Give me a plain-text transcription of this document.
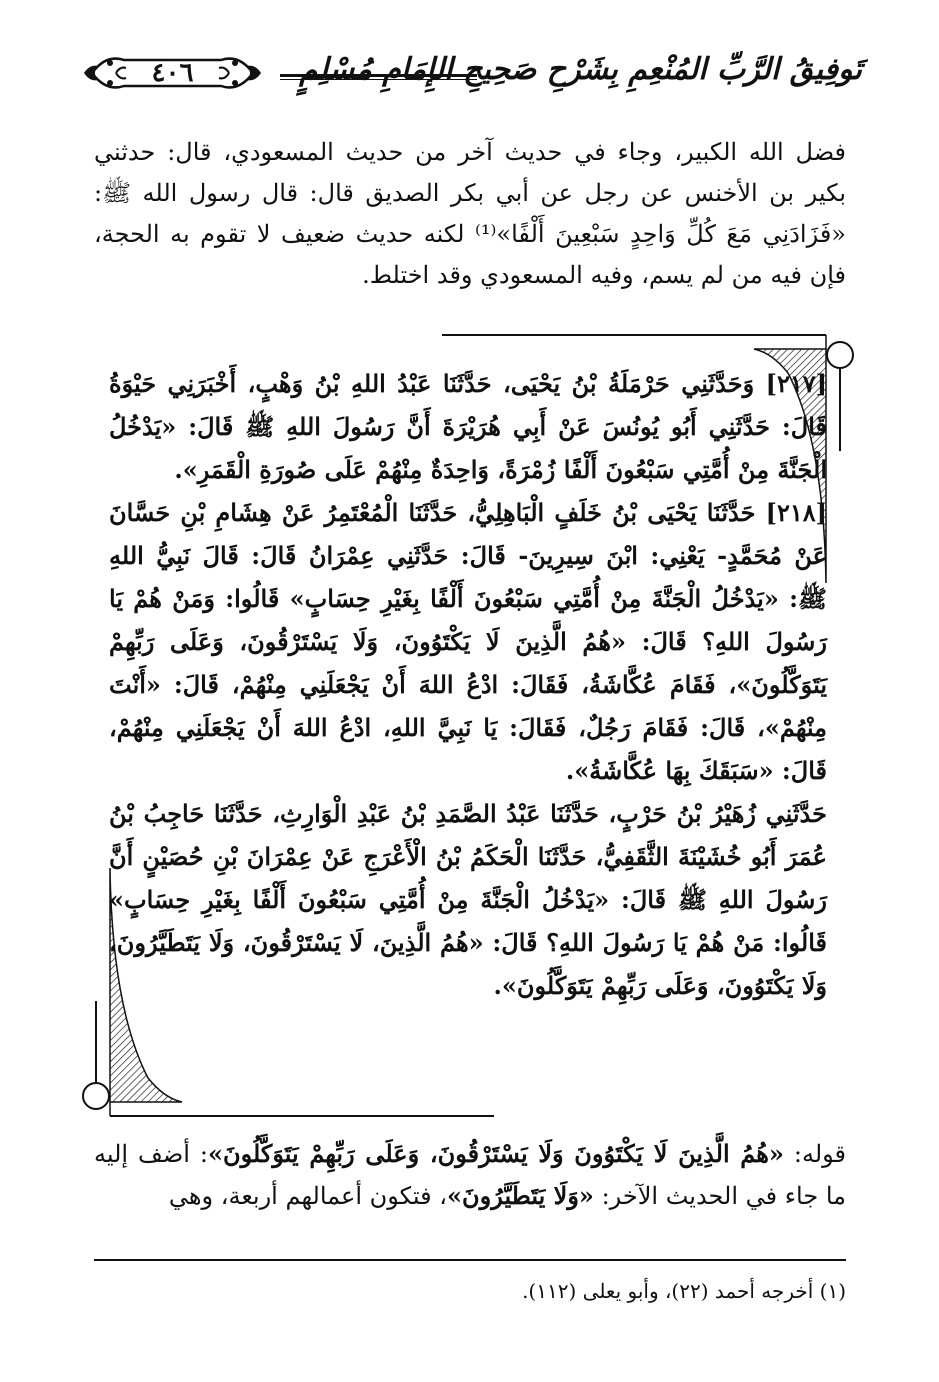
تَوفِيقُ الرَّبِّ المُنْعِمِ بِشَرْحِ صَحِيحِ الإِمَامِ مُسْلِمٍ
٤٠٦
فضل الله الكبير، وجاء في حديث آخر من حديث المسعودي، قال: حدثني بكير بن الأخنس عن رجل عن أبي بكر الصديق قال: قال رسول الله ﷺ: «فَزَادَنِي مَعَ كُلِّ وَاحِدٍ سَبْعِينَ أَلْفًا»⁽¹⁾ لكنه حديث ضعيف لا تقوم به الحجة، فإن فيه من لم يسم، وفيه المسعودي وقد اختلط.

[٢١٧] وَحَدَّثَنِي حَرْمَلَةُ بْنُ يَحْيَى، حَدَّثَنَا عَبْدُ اللهِ بْنُ وَهْبٍ، أَخْبَرَنِي حَيْوَةُ قَالَ: حَدَّثَنِي أَبُو يُونُسَ عَنْ أَبِي هُرَيْرَةَ أَنَّ رَسُولَ اللهِ ﷺ قَالَ: «يَدْخُلُ الْجَنَّةَ مِنْ أُمَّتِي سَبْعُونَ أَلْفًا زُمْرَةً، وَاحِدَةٌ مِنْهُمْ عَلَى صُورَةِ الْقَمَرِ».

[٢١٨] حَدَّثَنَا يَحْيَى بْنُ خَلَفٍ الْبَاهِلِيُّ، حَدَّثَنَا الْمُعْتَمِرُ عَنْ هِشَامِ بْنِ حَسَّانَ عَنْ مُحَمَّدٍ- يَعْنِي: ابْنَ سِيرِينَ- قَالَ: حَدَّثَنِي عِمْرَانُ قَالَ: قَالَ نَبِيُّ اللهِ ﷺ: «يَدْخُلُ الْجَنَّةَ مِنْ أُمَّتِي سَبْعُونَ أَلْفًا بِغَيْرِ حِسَابٍ» قَالُوا: وَمَنْ هُمْ يَا رَسُولَ اللهِ؟ قَالَ: «هُمُ الَّذِينَ لَا يَكْتَوُونَ، وَلَا يَسْتَرْقُونَ، وَعَلَى رَبِّهِمْ يَتَوَكَّلُونَ»، فَقَامَ عُكَّاشَةُ، فَقَالَ: ادْعُ اللهَ أَنْ يَجْعَلَنِي مِنْهُمْ، قَالَ: «أَنْتَ مِنْهُمْ»، قَالَ: فَقَامَ رَجُلٌ، فَقَالَ: يَا نَبِيَّ اللهِ، ادْعُ اللهَ أَنْ يَجْعَلَنِي مِنْهُمْ، قَالَ: «سَبَقَكَ بِهَا عُكَّاشَةُ».

حَدَّثَنِي زُهَيْرُ بْنُ حَرْبٍ، حَدَّثَنَا عَبْدُ الصَّمَدِ بْنُ عَبْدِ الْوَارِثِ، حَدَّثَنَا حَاجِبُ بْنُ عُمَرَ أَبُو خُشَيْنَةَ الثَّقَفِيُّ، حَدَّثَنَا الْحَكَمُ بْنُ الْأَعْرَجِ عَنْ عِمْرَانَ بْنِ حُصَيْنٍ أَنَّ رَسُولَ اللهِ ﷺ قَالَ: «يَدْخُلُ الْجَنَّةَ مِنْ أُمَّتِي سَبْعُونَ أَلْفًا بِغَيْرِ حِسَابٍ» قَالُوا: مَنْ هُمْ يَا رَسُولَ اللهِ؟ قَالَ: «هُمُ الَّذِينَ، لَا يَسْتَرْقُونَ، وَلَا يَتَطَيَّرُونَ، وَلَا يَكْتَوُونَ، وَعَلَى رَبِّهِمْ يَتَوَكَّلُونَ».

قوله: «هُمُ الَّذِينَ لَا يَكْتَوُونَ وَلَا يَسْتَرْقُونَ، وَعَلَى رَبِّهِمْ يَتَوَكَّلُونَ»: أضف إليه ما جاء في الحديث الآخر: «وَلَا يَتَطَيَّرُونَ»، فتكون أعمالهم أربعة، وهي
(١) أخرجه أحمد (٢٢)، وأبو يعلى (١١٢).
